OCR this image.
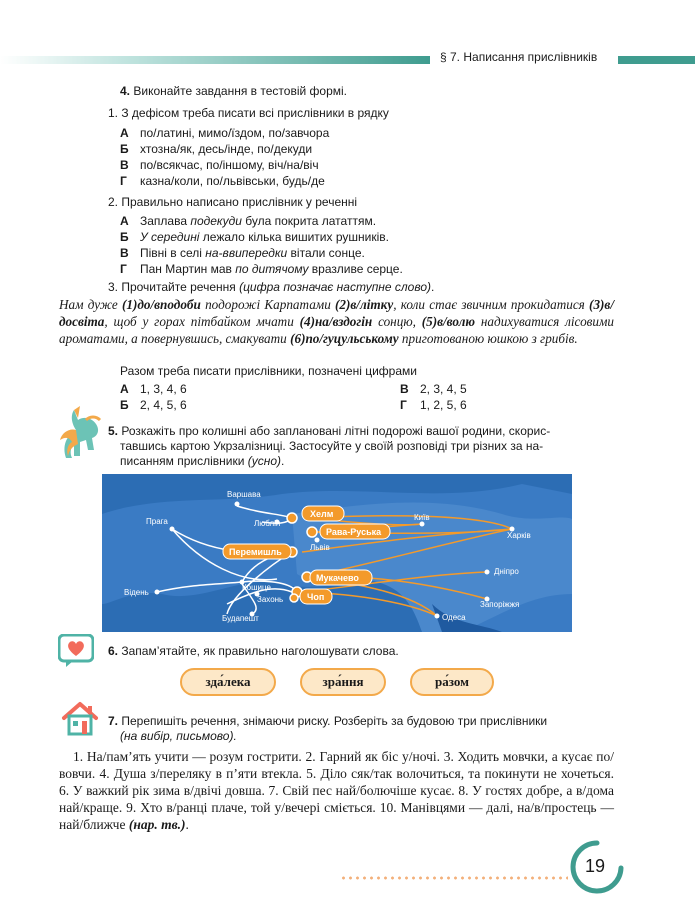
§ 7. Написання прислівників
4. Виконайте завдання в тестовій формі.
1. З дефісом треба писати всі прислівники в рядку
А по/латині, мимо/їздом, по/завчора
Б хтозна/як, десь/інде, по/декуди
В по/всякчас, по/іншому, віч/на/віч
Г казна/коли, по/львівськи, будь/де
2. Правильно написано прислівник у реченні
А Заплава подекуди була покрита лататтям.
Б У середині лежало кілька вишитих рушників.
В Півні в селі на-ввипередки вітали сонце.
Г Пан Мартин мав по дитячому вразливе серце.
3. Прочитайте речення (цифра позначає наступне слово).
Нам дуже (1)до/вподоби подорожі Карпатами (2)в/літку, коли стає звичним прокидатися (3)в/досвіта, щоб у горах пітбайком мчати (4)на/вздогін сонцю, (5)в/волю надихуватися лісовими ароматами, а повернувшись, смакувати (6)по/гуцульському приготованою юшкою з грибів.
Разом треба писати прислівники, позначені цифрами
А 1, 3, 4, 6	В 2, 3, 4, 5
Б 2, 4, 5, 6	Г 1, 2, 5, 6
5. Розкажіть про колишні або заплановані літні подорожі вашої родини, скорис-
тавшись картою Укрзалізниці. Застосуйте у своїй розповіді три різних за на-
писанням прислівники (усно).
Варшава
Люблін
Львів
Київ
Харків
Прага
Відень
Кошице
Захонь
Будапешт
Дніпро
Запоріжжя
Одеса
Хелм
Рава-Руська
Перемишль
Мукачево
Чоп
6. Запам’ятайте, як правильно наголошувати слова.
зда́лека	зра́ння	ра́зом
7. Перепишіть речення, знімаючи риску. Розберіть за будовою три прислівники
(на вибір, письмово).
1. На/пам’ять учити — розум гострити. 2. Гарний як біс у/ночі. 3. Ходить мовчки, а кусає по/вовчи. 4. Душа з/переляку в п’яти втекла. 5. Діло сяк/так волочиться, та покинути не хочеться. 6. У важкий рік зима в/двічі довша. 7. Свій пес най/болючіше кусає. 8. У гостях добре, а в/дома най/краще. 9. Хто в/ранці плаче, той у/вечері сміється. 10. Манівцями — далі, на/в/простець — най/ближче (нар. тв.).
19
